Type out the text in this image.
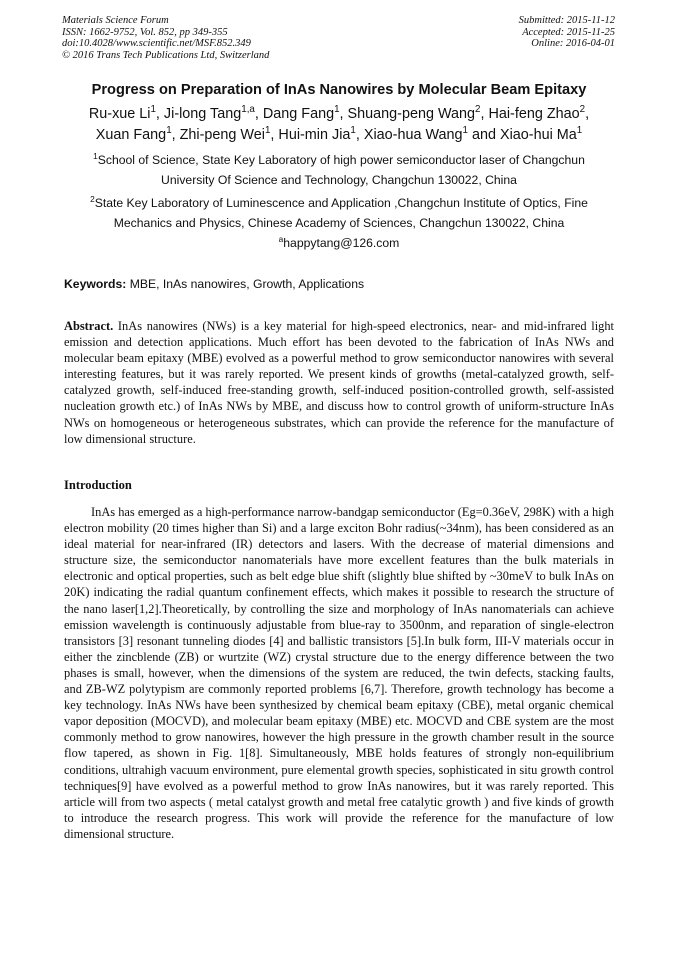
Materials Science Forum
ISSN: 1662-9752, Vol. 852, pp 349-355
doi:10.4028/www.scientific.net/MSF.852.349
© 2016 Trans Tech Publications Ltd, Switzerland
Submitted: 2015-11-12
Accepted: 2015-11-25
Online: 2016-04-01
Progress on Preparation of InAs Nanowires by Molecular Beam Epitaxy
Ru-xue Li$^1$, Ji-long Tang$^{1,a}$, Dang Fang$^1$, Shuang-peng Wang$^2$, Hai-feng Zhao$^2$,
Xuan Fang$^1$, Zhi-peng Wei$^1$, Hui-min Jia$^1$, Xiao-hua Wang$^1$ and Xiao-hui Ma$^1$
$^1$School of Science, State Key Laboratory of high power semiconductor laser of Changchun
University Of Science and Technology, Changchun 130022, China
$^2$State Key Laboratory of Luminescence and Application ,Changchun Institute of Optics, Fine
Mechanics and Physics, Chinese Academy of Sciences, Changchun 130022, China
$^a$happytang@126.com
Keywords: MBE, InAs nanowires, Growth, Applications
Abstract. InAs nanowires (NWs) is a key material for high-speed electronics, near- and mid-infrared light emission and detection applications. Much effort has been devoted to the fabrication of InAs NWs and molecular beam epitaxy (MBE) evolved as a powerful method to grow semiconductor nanowires with several interesting features, but it was rarely reported. We present kinds of growths (metal-catalyzed growth, self-catalyzed growth, self-induced free-standing growth, self-induced position-controlled growth, self-assisted nucleation growth etc.) of InAs NWs by MBE, and discuss how to control growth of uniform-structure InAs NWs on homogeneous or heterogeneous substrates, which can provide the reference for the manufacture of low dimensional structure.
Introduction
InAs has emerged as a high-performance narrow-bandgap semiconductor (Eg=0.36eV, 298K) with a high electron mobility (20 times higher than Si) and a large exciton Bohr radius(~34nm), has been considered as an ideal material for near-infrared (IR) detectors and lasers. With the decrease of material dimensions and structure size, the semiconductor nanomaterials have more excellent features than the bulk materials in electronic and optical properties, such as belt edge blue shift (slightly blue shifted by ~30meV to bulk InAs on 20K) indicating the radial quantum confinement effects, which makes it possible to research the structure of the nano laser[1,2].Theoretically, by controlling the size and morphology of InAs nanomaterials can achieve emission wavelength is continuously adjustable from blue-ray to 3500nm, and reparation of single-electron transistors [3] resonant tunneling diodes [4] and ballistic transistors [5].In bulk form, III-V materials occur in either the zincblende (ZB) or wurtzite (WZ) crystal structure due to the energy difference between the two phases is small, however, when the dimensions of the system are reduced, the twin defects, stacking faults, and ZB-WZ polytypism are commonly reported problems [6,7]. Therefore, growth technology has become a key technology. InAs NWs have been synthesized by chemical beam epitaxy (CBE), metal organic chemical vapor deposition (MOCVD), and molecular beam epitaxy (MBE) etc. MOCVD and CBE system are the most commonly method to grow nanowires, however the high pressure in the growth chamber result in the source flow tapered, as shown in Fig. 1[8]. Simultaneously, MBE holds features of strongly non-equilibrium conditions, ultrahigh vacuum environment, pure elemental growth species, sophisticated in situ growth control techniques[9] have evolved as a powerful method to grow InAs nanowires, but it was rarely reported. This article will from two aspects ( metal catalyst growth and metal free catalytic growth ) and five kinds of growth to introduce the research progress. This work will provide the reference for the manufacture of low dimensional structure.
